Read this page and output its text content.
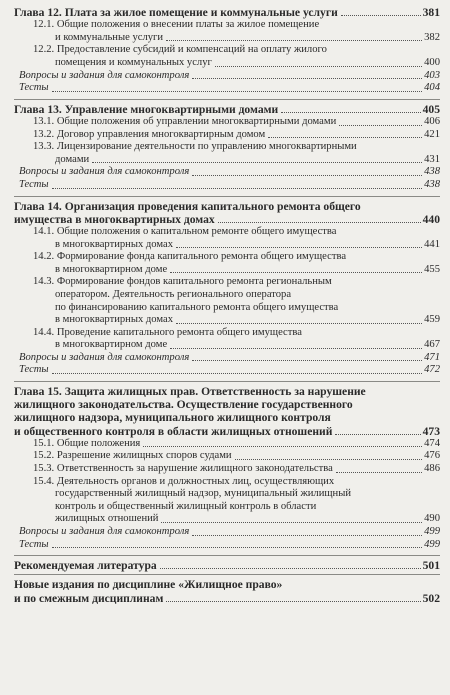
Глава 12. Плата за жилое помещение и коммунальные услуги	381
12.1. Общие положения о внесении платы за жилое помещение
и коммунальные услуги	382
12.2. Предоставление субсидий и компенсаций на оплату жилого
помещения и коммунальных услуг	400
Вопросы и задания для самоконтроля	403
Тесты	404
Глава 13. Управление многоквартирными домами	405
13.1. Общие положения об управлении многоквартирными домами	406
13.2. Договор управления многоквартирным домом	421
13.3. Лицензирование деятельности по управлению многоквартирными
домами	431
Вопросы и задания для самоконтроля	438
Тесты	438
Глава 14. Организация проведения капитального ремонта общего
имущества в многоквартирных домах	440
14.1. Общие положения о капитальном ремонте общего имущества
в многоквартирных домах	441
14.2. Формирование фонда капитального ремонта общего имущества
в многоквартирном доме	455
14.3. Формирование фондов капитального ремонта региональным
оператором. Деятельность регионального оператора
по финансированию капитального ремонта общего имущества
в многоквартирных домах	459
14.4. Проведение капитального ремонта общего имущества
в многоквартирном доме	467
Вопросы и задания для самоконтроля	471
Тесты	472
Глава 15. Защита жилищных прав. Ответственность за нарушение
жилищного законодательства. Осуществление государственного
жилищного надзора, муниципального жилищного контроля
и общественного контроля в области жилищных отношений	473
15.1. Общие положения	474
15.2. Разрешение жилищных споров судами	476
15.3. Ответственность за нарушение жилищного законодательства	486
15.4. Деятельность органов и должностных лиц, осуществляющих
государственный жилищный надзор, муниципальный жилищный
контроль и общественный жилищный контроль в области
жилищных отношений	490
Вопросы и задания для самоконтроля	499
Тесты	499
Рекомендуемая литература	501
Новые издания по дисциплине «Жилищное право»
и по смежным дисциплинам	502
